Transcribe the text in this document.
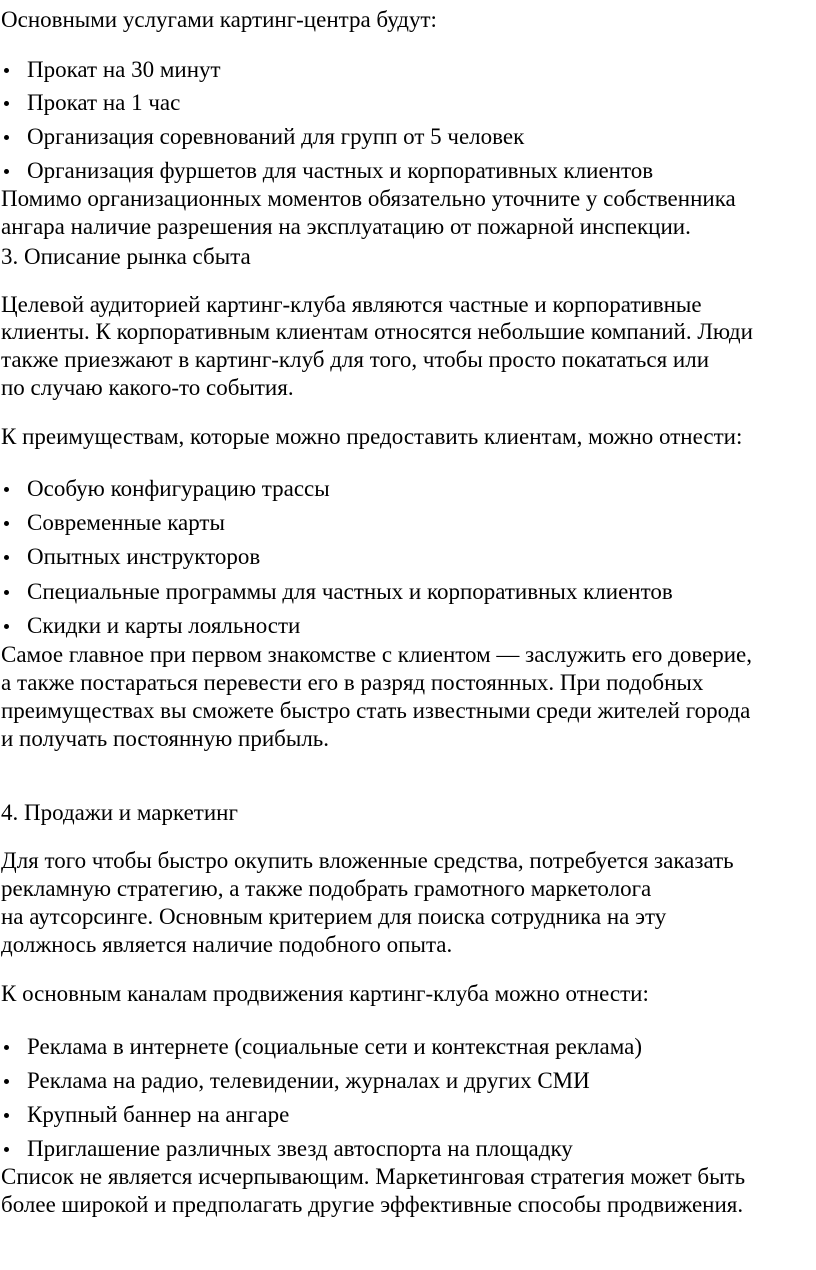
Основными услугами картинг-центра будут:

Прокат на 30 минут
Прокат на 1 час
Организация соревнований для групп от 5 человек
Организация фуршетов для частных и корпоративных клиентов

Помимо организационных моментов обязательно уточните у собственника

ангара наличие разрешения на эксплуатацию от пожарной инспекции.

3. Описание рынка сбыта

Целевой аудиторией картинг-клуба являются частные и корпоративные

клиенты. К корпоративным клиентам относятся небольшие компаний. Люди

также приезжают в картинг-клуб для того, чтобы просто покататься или

по случаю какого-то события.

К преимуществам, которые можно предоставить клиентам, можно отнести:

Особую конфигурацию трассы
Современные карты
Опытных инструкторов
Специальные программы для частных и корпоративных клиентов
Скидки и карты лояльности

Самое главное при первом знакомстве с клиентом — заслужить его доверие,

а также постараться перевести его в разряд постоянных. При подобных

преимуществах вы сможете быстро стать известными среди жителей города

и получать постоянную прибыль.

4. Продажи и маркетинг

Для того чтобы быстро окупить вложенные средства, потребуется заказать

рекламную стратегию, а также подобрать грамотного маркетолога

на аутсорсинге. Основным критерием для поиска сотрудника на эту

должнось является наличие подобного опыта.

К основным каналам продвижения картинг-клуба можно отнести:

Реклама в интернете (социальные сети и контекстная реклама)
Реклама на радио, телевидении, журналах и других СМИ
Крупный баннер на ангаре
Приглашение различных звезд автоспорта на площадку

Список не является исчерпывающим. Маркетинговая стратегия может быть

более широкой и предполагать другие эффективные способы продвижения.
